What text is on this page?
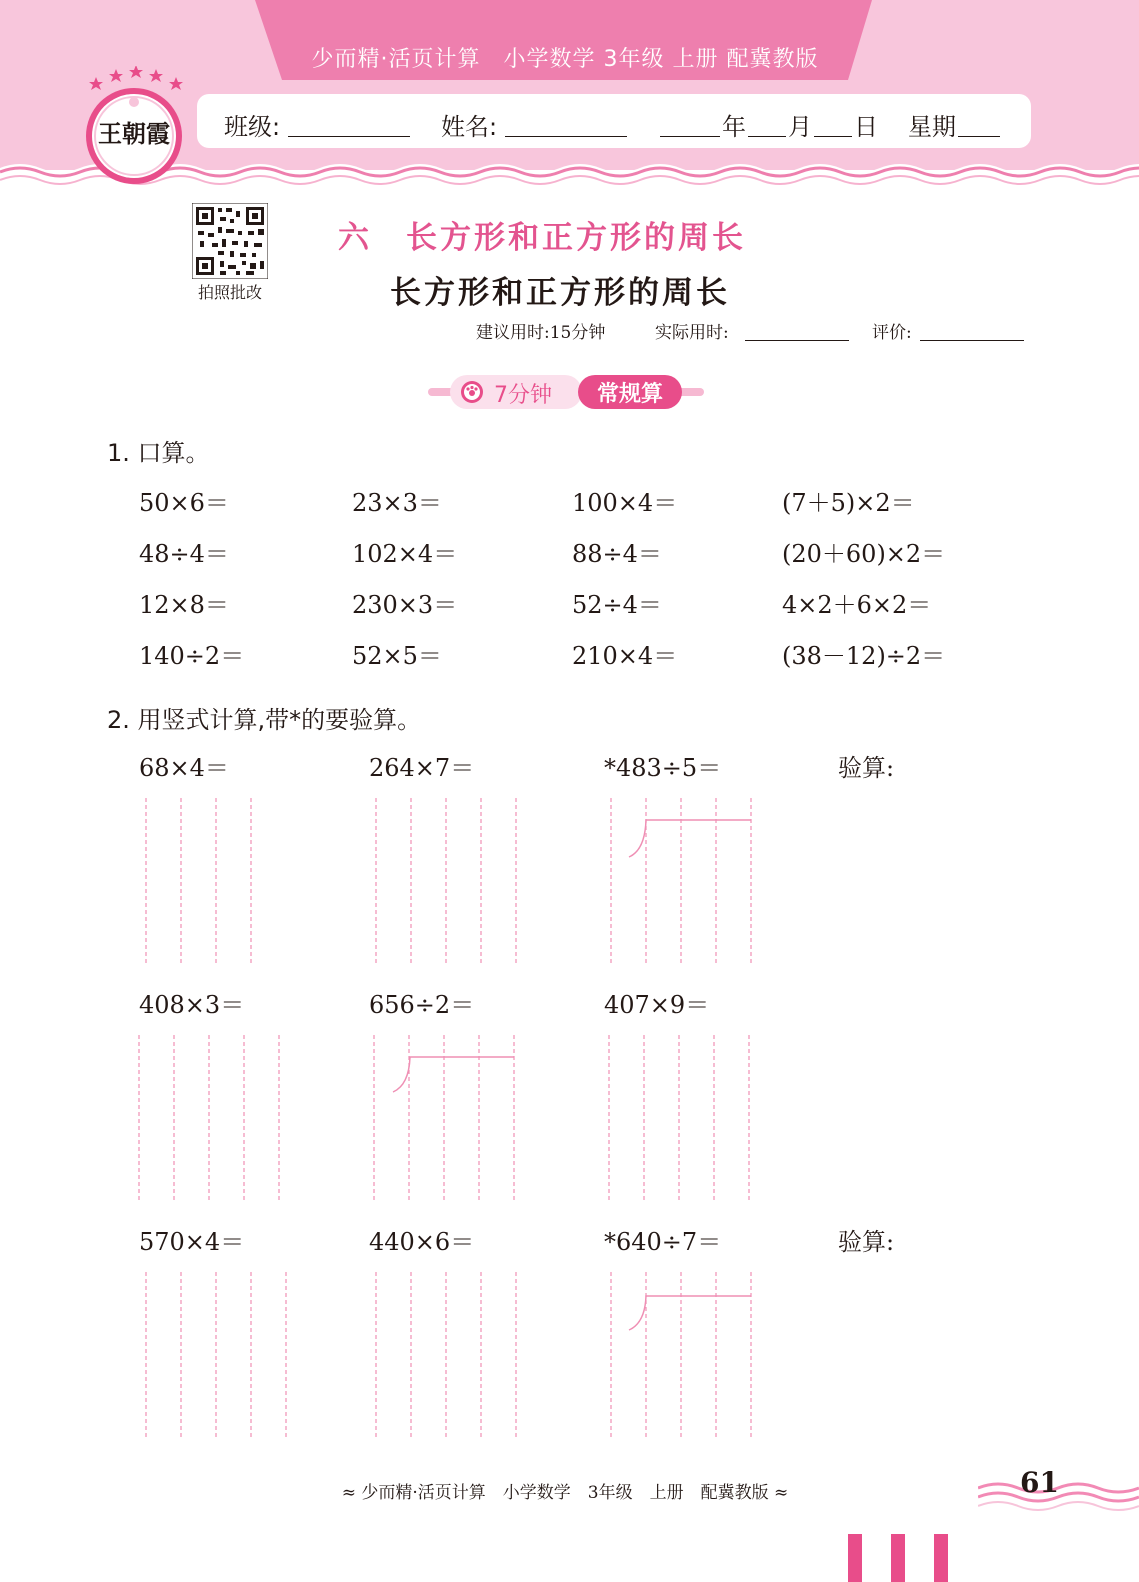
少而精·活页计算　小学数学 3年级 上册 配冀教版
班级:	姓名:	年 月 日 星期
王朝霞
拍照批改
六　长方形和正方形的周长
长方形和正方形的周长
建议用时:15分钟	实际用时:	评价:
7分钟	常规算
1. 口算。
50×6＝	23×3＝	100×4＝	(7＋5)×2＝
48÷4＝	102×4＝	88÷4＝	(20＋60)×2＝
12×8＝	230×3＝	52÷4＝	4×2＋6×2＝
140÷2＝	52×5＝	210×4＝	(38－12)÷2＝
2. 用竖式计算,带*的要验算。
68×4＝	264×7＝	*483÷5＝	验算:
408×3＝	656÷2＝	407×9＝
570×4＝	440×6＝	*640÷7＝	验算:
≈ 少而精·活页计算　小学数学　3年级　上册　配冀教版 ≈	61
